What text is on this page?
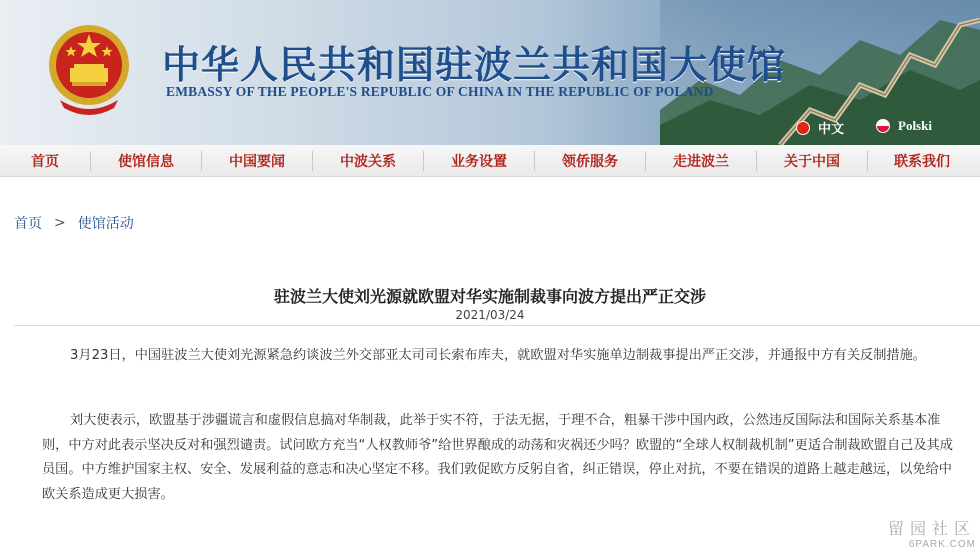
中华人民共和国驻波兰共和国大使馆
EMBASSY OF THE PEOPLE'S REPUBLIC OF CHINA IN THE REPUBLIC OF POLAND
中文	Polski
首页	使馆信息	中国要闻	中波关系	业务设置	领侨服务	走进波兰	关于中国	联系我们
首页 > 使馆活动
驻波兰大使刘光源就欧盟对华实施制裁事向波方提出严正交涉
2021/03/24

3月23日，中国驻波兰大使刘光源紧急约谈波兰外交部亚太司司长索布库夫，就欧盟对华实施单边制裁事提出严正交涉，并通报中方有关反制措施。

刘大使表示，欧盟基于涉疆谎言和虚假信息搞对华制裁，此举于实不符，于法无据，于理不合，粗暴干涉中国内政，公然违反国际法和国际关系基本准则，中方对此表示坚决反对和强烈谴责。试问欧方充当“人权教师爷”给世界酿成的动荡和灾祸还少吗？欧盟的“全球人权制裁机制”更适合制裁欧盟自己及其成员国。中方维护国家主权、安全、发展利益的意志和决心坚定不移。我们敦促欧方反躬自省，纠正错误，停止对抗，不要在错误的道路上越走越远，以免给中欧关系造成更大损害。

留园社区
6PARK.COM
